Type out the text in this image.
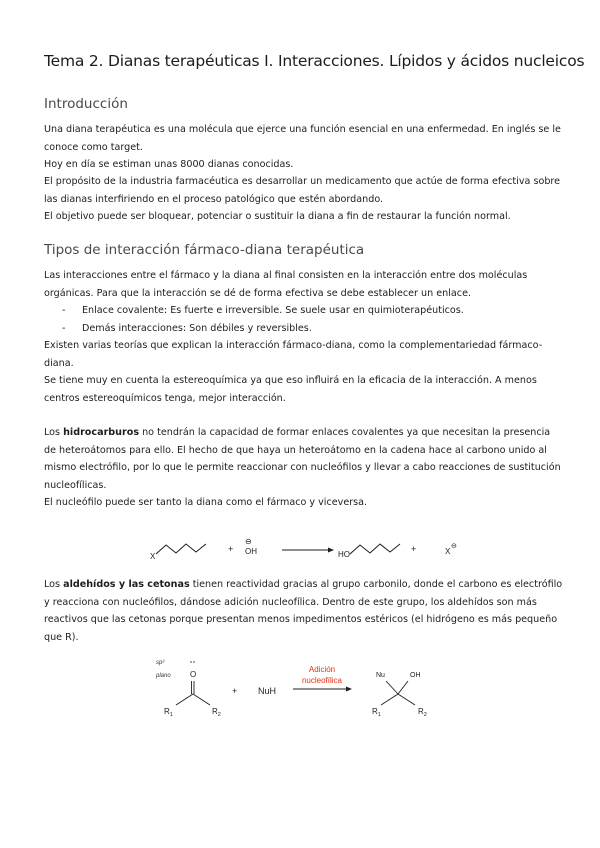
Tema 2. Dianas terapéuticas I. Interacciones. Lípidos y ácidos nucleicos
Introducción

Una diana terapéutica es una molécula que ejerce una función esencial en una enfermedad. En inglés se le conoce como target.

Hoy en día se estiman unas 8000 dianas conocidas.

El propósito de la industria farmacéutica es desarrollar un medicamento que actúe de forma efectiva sobre las dianas interfiriendo en el proceso patológico que estén abordando.

El objetivo puede ser bloquear, potenciar o sustituir la diana a fin de restaurar la función normal.

Tipos de interacción fármaco-diana terapéutica

Las interacciones entre el fármaco y la diana al final consisten en la interacción entre dos moléculas orgánicas. Para que la interacción se dé de forma efectiva se debe establecer un enlace.

- Enlace covalente: Es fuerte e irreversible. Se suele usar en quimioterapéuticos.
- Demás interacciones: Son débiles y reversibles.

Existen varias teorías que explican la interacción fármaco-diana, como la complementariedad fármaco-diana.

Se tiene muy en cuenta la estereoquímica ya que eso influirá en la eficacia de la interacción. A menos centros estereoquímicos tenga, mejor interacción.

Los hidrocarburos no tendrán la capacidad de formar enlaces covalentes ya que necesitan la presencia de heteroátomos para ello. El hecho de que haya un heteroátomo en la cadena hace al carbono unido al mismo electrófilo, por lo que le permite reaccionar con nucleófilos y llevar a cabo reacciones de sustitución nucleofílicas.

El nucleófilo puede ser tanto la diana como el fármaco y viceversa.

X
+
⊖
OH	HO
+	X
⊖

Los aldehídos y las cetonas tienen reactividad gracias al grupo carbonilo, donde el carbono es electrófilo y reacciona con nucleófilos, dándose adición nucleofílica. Dentro de este grupo, los aldehídos son más reactivos que las cetonas porque presentan menos impedimentos estéricos (el hidrógeno es más pequeño que R).

sp²
plano O
$R_1$	$R_2$
+ NuH
Adición
nucleofílica
Nu	OH
$R_1$	$R_2$
